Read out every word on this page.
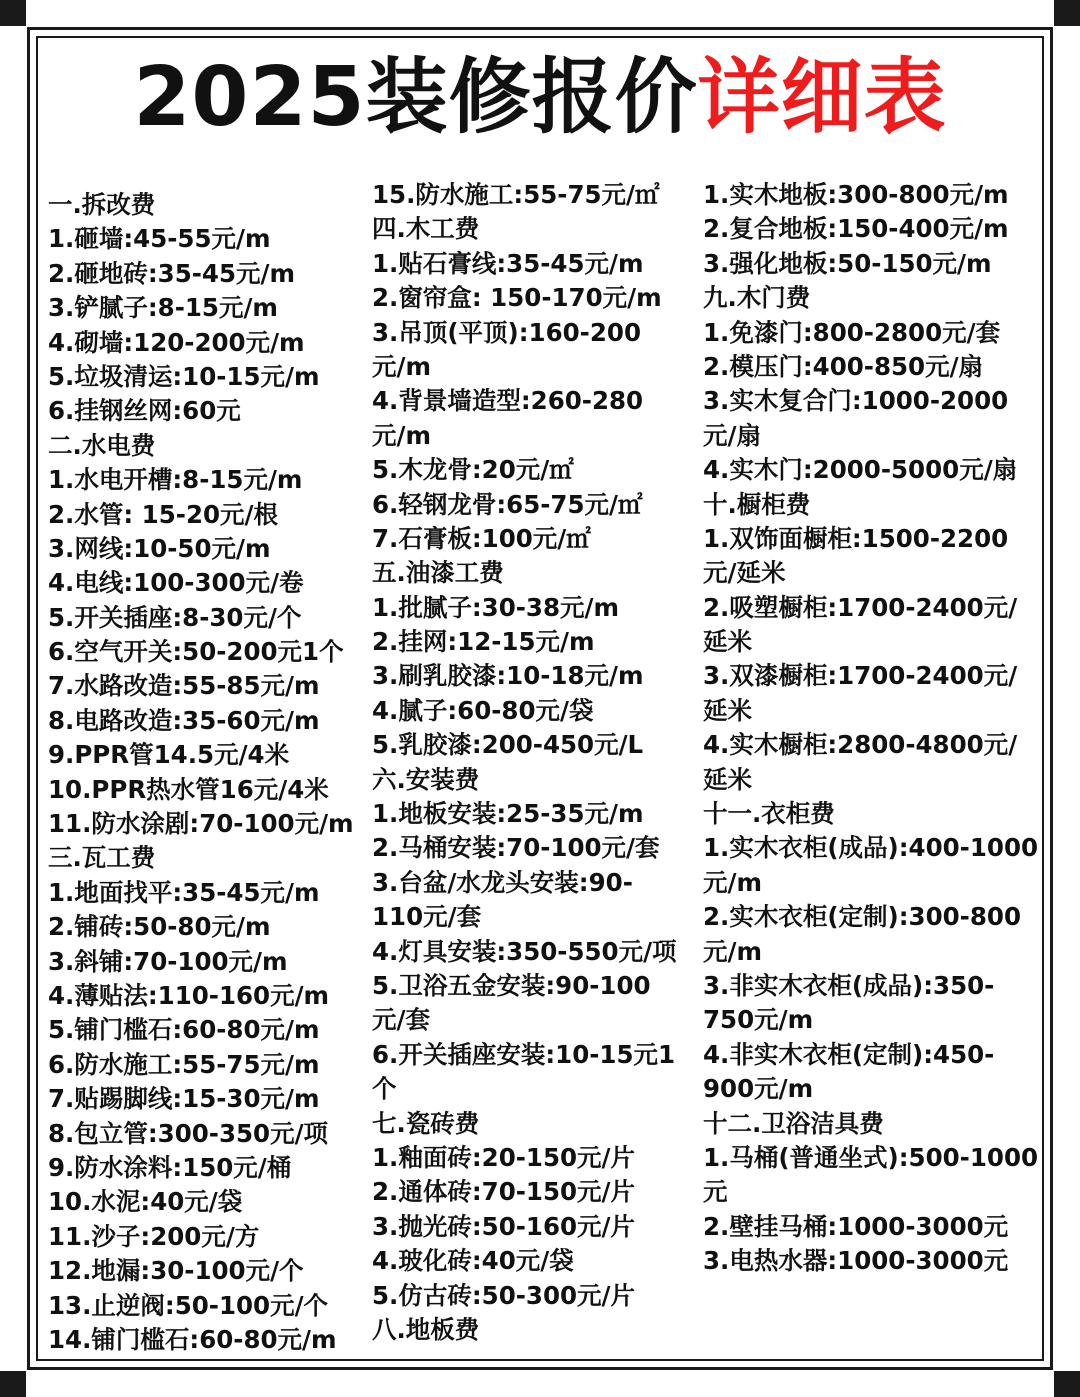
2025装修报价详细表
一.拆改费
1.砸墙:45-55元/m
2.砸地砖:35-45元/m
3.铲腻子:8-15元/m
4.砌墙:120-200元/m
5.垃圾清运:10-15元/m
6.挂钢丝网:60元
二.水电费
1.水电开槽:8-15元/m
2.水管: 15-20元/根
3.网线:10-50元/m
4.电线:100-300元/卷
5.开关插座:8-30元/个
6.空气开关:50-200元1个
7.水路改造:55-85元/m
8.电路改造:35-60元/m
9.PPR管14.5元/4米
10.PPR热水管16元/4米
11.防水涂剧:70-100元/m
三.瓦工费
1.地面找平:35-45元/m
2.铺砖:50-80元/m
3.斜铺:70-100元/m
4.薄贴法:110-160元/m
5.铺门槛石:60-80元/m
6.防水施工:55-75元/m
7.贴踢脚线:15-30元/m
8.包立管:300-350元/项
9.防水涂料:150元/桶
10.水泥:40元/袋
11.沙子:200元/方
12.地漏:30-100元/个
13.止逆阀:50-100元/个
14.铺门槛石:60-80元/m
15.防水施工:55-75元/㎡
四.木工费
1.贴石膏线:35-45元/m
2.窗帘盒: 150-170元/m
3.吊顶(平顶):160-200
元/m
4.背景墙造型:260-280
元/m
5.木龙骨:20元/㎡
6.轻钢龙骨:65-75元/㎡
7.石膏板:100元/㎡
五.油漆工费
1.批腻子:30-38元/m
2.挂网:12-15元/m
3.刷乳胶漆:10-18元/m
4.腻子:60-80元/袋
5.乳胶漆:200-450元/L
六.安装费
1.地板安装:25-35元/m
2.马桶安装:70-100元/套
3.台盆/水龙头安装:90-
110元/套
4.灯具安装:350-550元/项
5.卫浴五金安装:90-100
元/套
6.开关插座安装:10-15元1
个
七.瓷砖费
1.釉面砖:20-150元/片
2.通体砖:70-150元/片
3.抛光砖:50-160元/片
4.玻化砖:40元/袋
5.仿古砖:50-300元/片
八.地板费
1.实木地板:300-800元/m
2.复合地板:150-400元/m
3.强化地板:50-150元/m
九.木门费
1.免漆门:800-2800元/套
2.模压门:400-850元/扇
3.实木复合门:1000-2000
元/扇
4.实木门:2000-5000元/扇
十.橱柜费
1.双饰面橱柜:1500-2200
元/延米
2.吸塑橱柜:1700-2400元/
延米
3.双漆橱柜:1700-2400元/
延米
4.实木橱柜:2800-4800元/
延米
十一.衣柜费
1.实木衣柜(成品):400-1000
元/m
2.实木衣柜(定制):300-800
元/m
3.非实木衣柜(成品):350-
750元/m
4.非实木衣柜(定制):450-
900元/m
十二.卫浴洁具费
1.马桶(普通坐式):500-1000
元
2.壁挂马桶:1000-3000元
3.电热水器:1000-3000元
